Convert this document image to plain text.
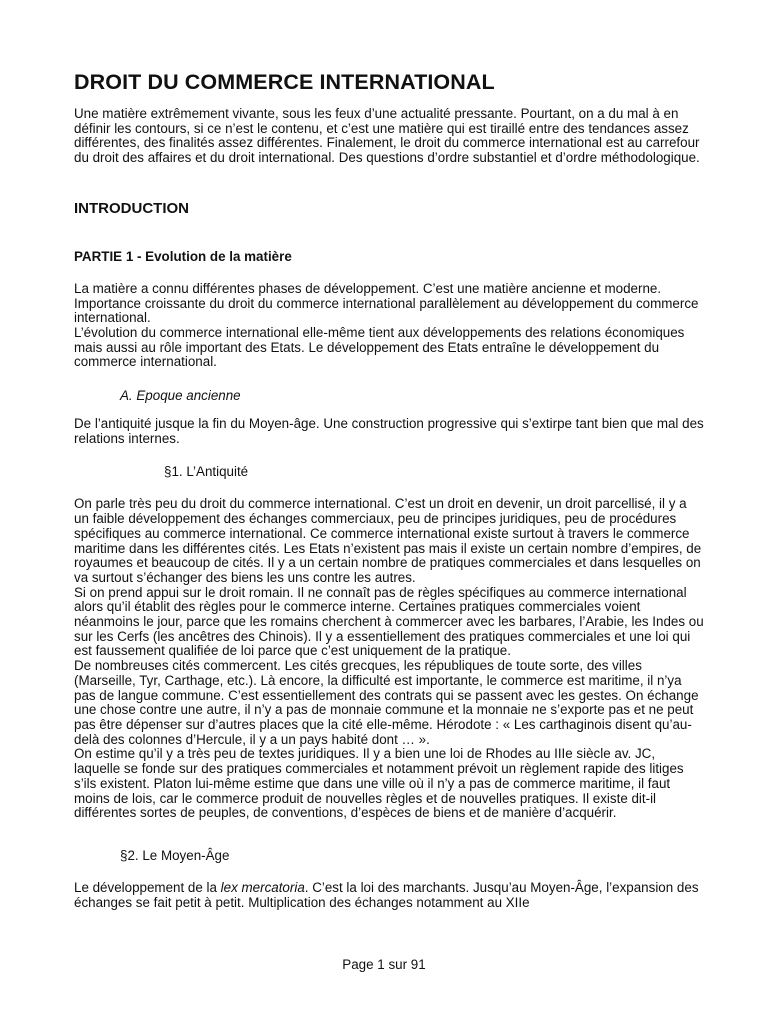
DROIT DU COMMERCE INTERNATIONAL

Une matière extrêmement vivante, sous les feux d’une actualité pressante. Pourtant, on a du mal à en définir les contours, si ce n’est le contenu, et c’est une matière qui est tiraillé entre des tendances assez différentes, des finalités assez différentes. Finalement, le droit du commerce international est au carrefour du droit des affaires et du droit international. Des questions d’ordre substantiel et d’ordre méthodologique.

INTRODUCTION
PARTIE 1 - Evolution de la matière

La matière a connu différentes phases de développement. C’est une matière ancienne et moderne. Importance croissante du droit du commerce international parallèlement au développement du commerce international.

L’évolution du commerce international elle-même tient aux développements des relations économiques mais aussi au rôle important des Etats. Le développement des Etats entraîne le développement du commerce international.

A. Epoque ancienne

De l’antiquité jusque la fin du Moyen-âge. Une construction progressive qui s’extirpe tant bien que mal des relations internes.

§1. L’Antiquité

On parle très peu du droit du commerce international. C’est un droit en devenir, un droit parcellisé, il y a un faible développement des échanges commerciaux, peu de principes juridiques, peu de procédures spécifiques au commerce international. Ce commerce international existe surtout à travers le commerce maritime dans les différentes cités. Les Etats n’existent pas mais il existe un certain nombre d’empires, de royaumes et beaucoup de cités. Il y a un certain nombre de pratiques commerciales et dans lesquelles on va surtout s’échanger des biens les uns contre les autres.

Si on prend appui sur le droit romain. Il ne connaît pas de règles spécifiques au commerce international alors qu’il établit des règles pour le commerce interne. Certaines pratiques commerciales voient néanmoins le jour, parce que les romains cherchent à commercer avec les barbares, l’Arabie, les Indes ou sur les Cerfs (les ancêtres des Chinois). Il y a essentiellement des pratiques commerciales et une loi qui est faussement qualifiée de loi parce que c’est uniquement de la pratique.

De nombreuses cités commercent. Les cités grecques, les républiques de toute sorte, des villes (Marseille, Tyr, Carthage, etc.). Là encore, la difficulté est importante, le commerce est maritime, il n’ya pas de langue commune. C’est essentiellement des contrats qui se passent avec les gestes. On échange une chose contre une autre, il n’y a pas de monnaie commune et la monnaie ne s’exporte pas et ne peut pas être dépenser sur d’autres places que la cité elle-même. Hérodote : « Les carthaginois disent qu’au-delà des colonnes d’Hercule, il y a un pays habité dont … ».

On estime qu’il y a très peu de textes juridiques. Il y a bien une loi de Rhodes au IIIe siècle av. JC, laquelle se fonde sur des pratiques commerciales et notamment prévoit un règlement rapide des litiges s’ils existent. Platon lui-même estime que dans une ville où il n’y a pas de commerce maritime, il faut moins de lois, car le commerce produit de nouvelles règles et de nouvelles pratiques. Il existe dit-il différentes sortes de peuples, de conventions, d’espèces de biens et de manière d’acquérir.

§2. Le Moyen-Âge

Le développement de la lex mercatoria. C’est la loi des marchants. Jusqu’au Moyen-Âge, l’expansion des échanges se fait petit à petit. Multiplication des échanges notamment au XIIe

Page 1 sur 91
